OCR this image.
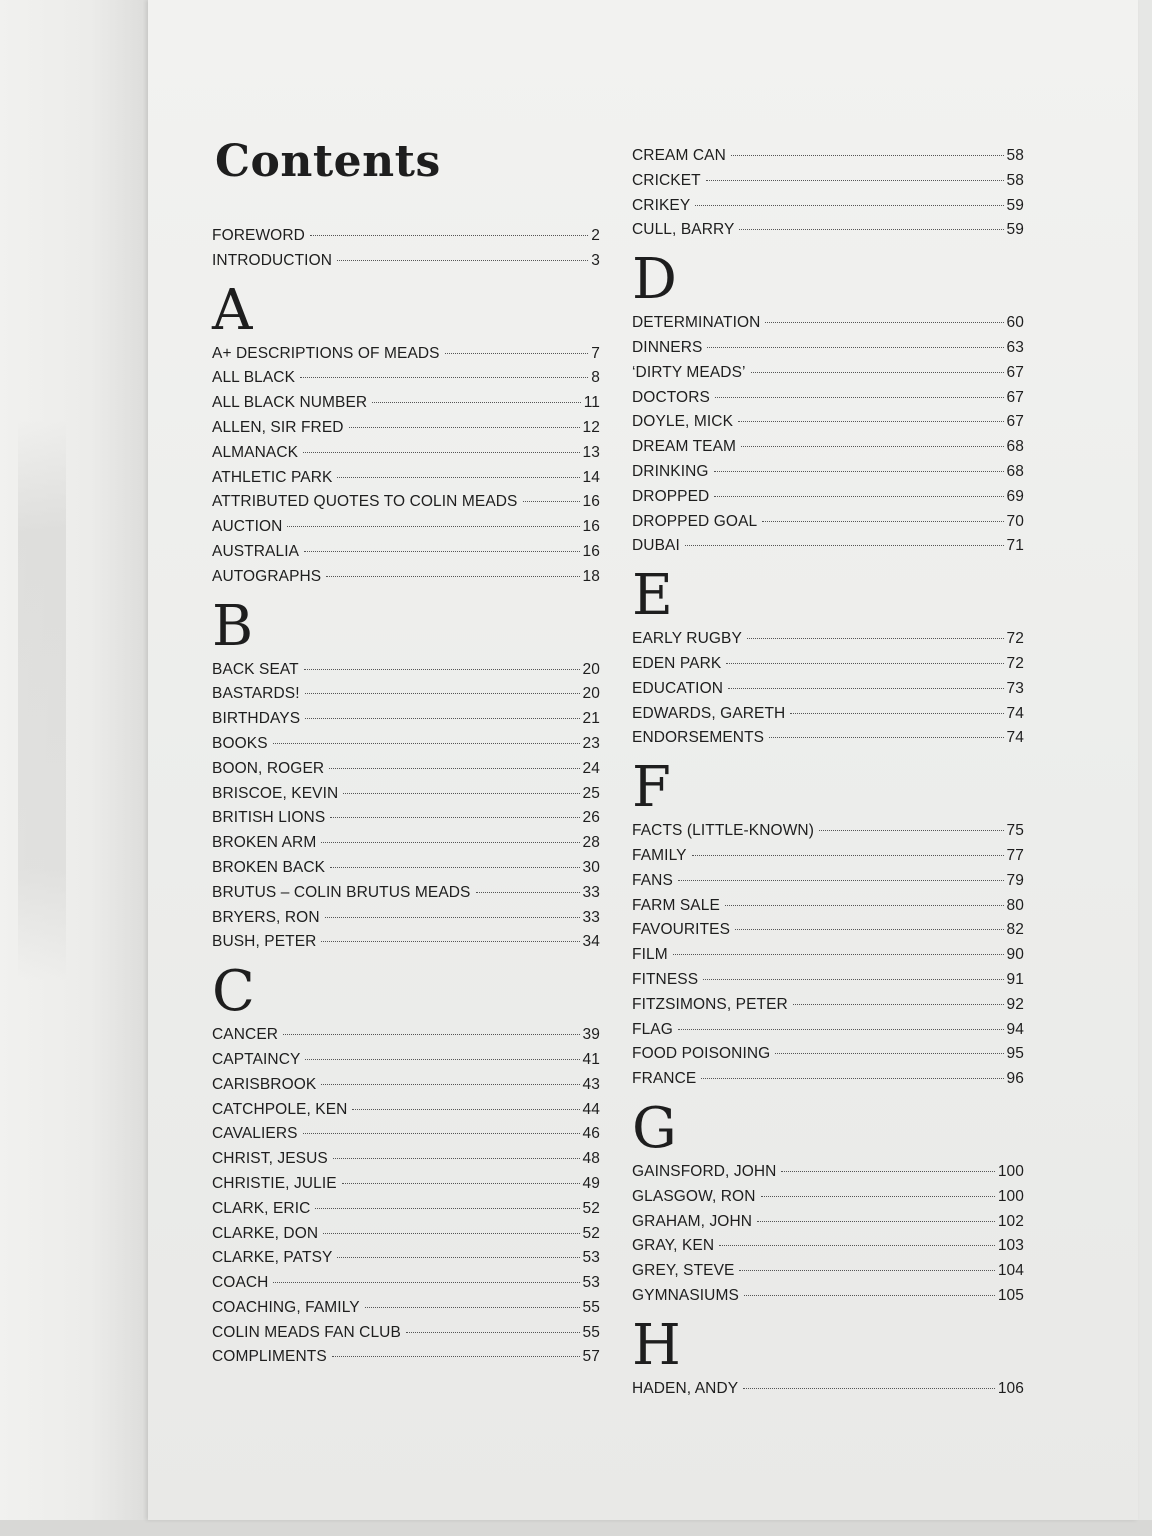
Contents
FOREWORD	2
INTRODUCTION	3
A
A+ DESCRIPTIONS OF MEADS	7
ALL BLACK	8
ALL BLACK NUMBER	11
ALLEN, SIR FRED	12
ALMANACK	13
ATHLETIC PARK	14
ATTRIBUTED QUOTES TO COLIN MEADS	16
AUCTION	16
AUSTRALIA	16
AUTOGRAPHS	18
B
BACK SEAT	20
BASTARDS!	20
BIRTHDAYS	21
BOOKS	23
BOON, ROGER	24
BRISCOE, KEVIN	25
BRITISH LIONS	26
BROKEN ARM	28
BROKEN BACK	30
BRUTUS – COLIN BRUTUS MEADS	33
BRYERS, RON	33
BUSH, PETER	34
C
CANCER	39
CAPTAINCY	41
CARISBROOK	43
CATCHPOLE, KEN	44
CAVALIERS	46
CHRIST, JESUS	48
CHRISTIE, JULIE	49
CLARK, ERIC	52
CLARKE, DON	52
CLARKE, PATSY	53
COACH	53
COACHING, FAMILY	55
COLIN MEADS FAN CLUB	55
COMPLIMENTS	57
CREAM CAN	58
CRICKET	58
CRIKEY	59
CULL, BARRY	59
D
DETERMINATION	60
DINNERS	63
‘DIRTY MEADS’	67
DOCTORS	67
DOYLE, MICK	67
DREAM TEAM	68
DRINKING	68
DROPPED	69
DROPPED GOAL	70
DUBAI	71
E
EARLY RUGBY	72
EDEN PARK	72
EDUCATION	73
EDWARDS, GARETH	74
ENDORSEMENTS	74
F
FACTS (LITTLE-KNOWN)	75
FAMILY	77
FANS	79
FARM SALE	80
FAVOURITES	82
FILM	90
FITNESS	91
FITZSIMONS, PETER	92
FLAG	94
FOOD POISONING	95
FRANCE	96
G
GAINSFORD, JOHN	100
GLASGOW, RON	100
GRAHAM, JOHN	102
GRAY, KEN	103
GREY, STEVE	104
GYMNASIUMS	105
H
HADEN, ANDY	106
